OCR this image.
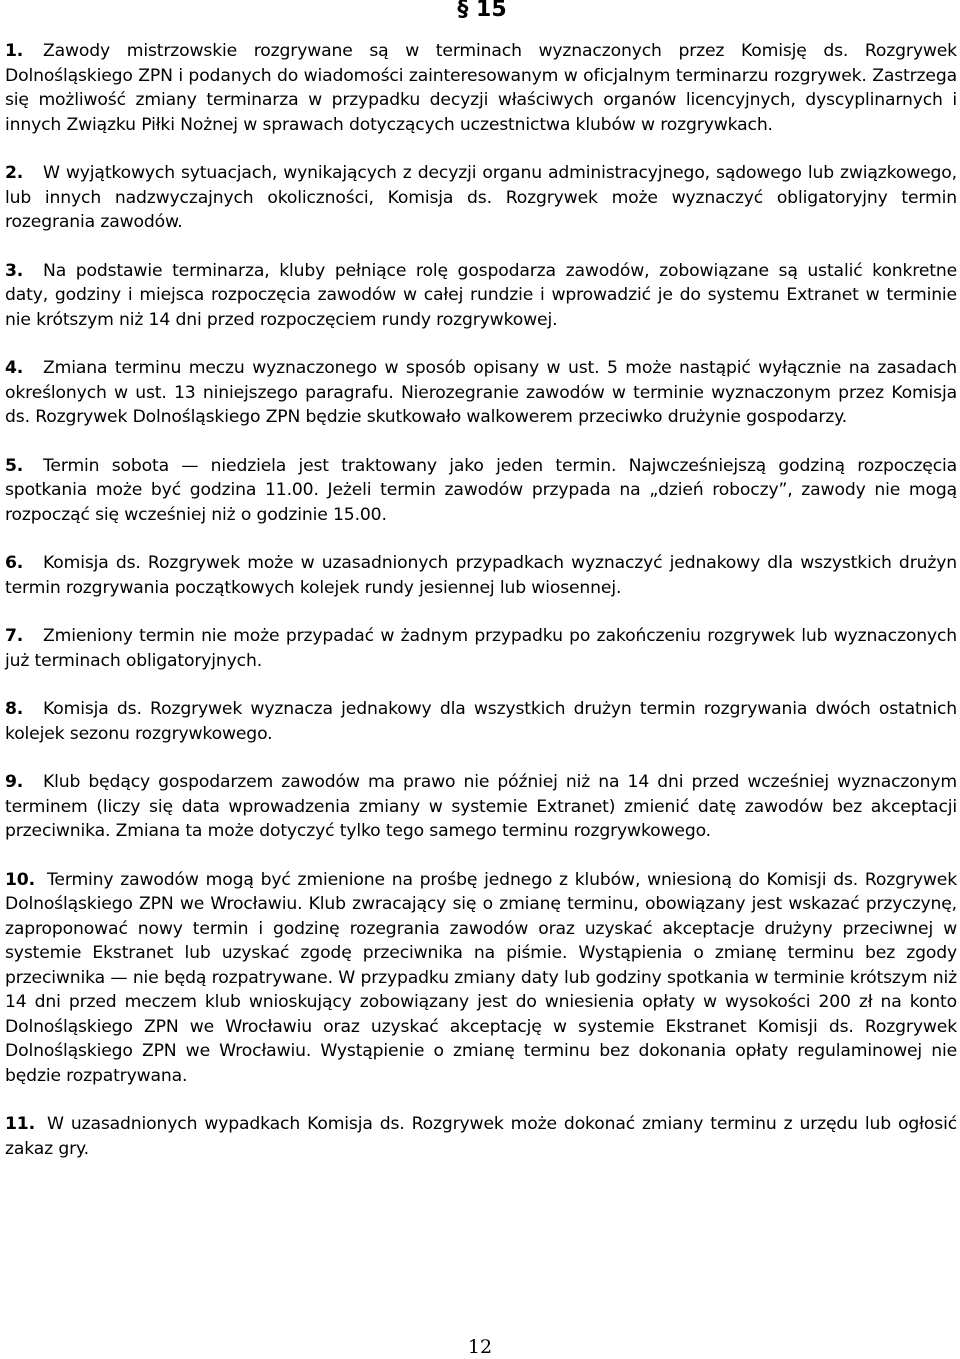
§ 15

1. Zawody mistrzowskie rozgrywane są w terminach wyznaczonych przez Komisję ds. Rozgrywek Dolnośląskiego ZPN i podanych do wiadomości zainteresowanym w oficjalnym terminarzu rozgrywek. Zastrzega się możliwość zmiany terminarza w przypadku decyzji właściwych organów licencyjnych, dyscyplinarnych i innych Związku Piłki Nożnej w sprawach dotyczących uczestnictwa klubów w rozgrywkach.

2. W wyjątkowych sytuacjach, wynikających z decyzji organu administracyjnego, sądowego lub związkowego, lub innych nadzwyczajnych okoliczności, Komisja ds. Rozgrywek może wyznaczyć obligatoryjny termin rozegrania zawodów.

3. Na podstawie terminarza, kluby pełniące rolę gospodarza zawodów, zobowiązane są ustalić konkretne daty, godziny i miejsca rozpoczęcia zawodów w całej rundzie i wprowadzić je do systemu Extranet w terminie nie krótszym niż 14 dni przed rozpoczęciem rundy rozgrywkowej.

4. Zmiana terminu meczu wyznaczonego w sposób opisany w ust. 5 może nastąpić wyłącznie na zasadach określonych w ust. 13 niniejszego paragrafu. Nierozegranie zawodów w terminie wyznaczonym przez Komisja ds. Rozgrywek Dolnośląskiego ZPN będzie skutkowało walkowerem przeciwko drużynie gospodarzy.

5. Termin sobota — niedziela jest traktowany jako jeden termin. Najwcześniejszą godziną rozpoczęcia spotkania może być godzina 11.00. Jeżeli termin zawodów przypada na „dzień roboczy”, zawody nie mogą rozpocząć się wcześniej niż o godzinie 15.00.

6. Komisja ds. Rozgrywek może w uzasadnionych przypadkach wyznaczyć jednakowy dla wszystkich drużyn termin rozgrywania początkowych kolejek rundy jesiennej lub wiosennej.

7. Zmieniony termin nie może przypadać w żadnym przypadku po zakończeniu rozgrywek lub wyznaczonych już terminach obligatoryjnych.

8. Komisja ds. Rozgrywek wyznacza jednakowy dla wszystkich drużyn termin rozgrywania dwóch ostatnich kolejek sezonu rozgrywkowego.

9. Klub będący gospodarzem zawodów ma prawo nie później niż na 14 dni przed wcześniej wyznaczonym terminem (liczy się data wprowadzenia zmiany w systemie Extranet) zmienić datę zawodów bez akceptacji przeciwnika. Zmiana ta może dotyczyć tylko tego samego terminu rozgrywkowego.

10. Terminy zawodów mogą być zmienione na prośbę jednego z klubów, wniesioną do Komisji ds. Rozgrywek Dolnośląskiego ZPN we Wrocławiu. Klub zwracający się o zmianę terminu, obowiązany jest wskazać przyczynę, zaproponować nowy termin i godzinę rozegrania zawodów oraz uzyskać akceptacje drużyny przeciwnej w systemie Ekstranet lub uzyskać zgodę przeciwnika na piśmie. Wystąpienia o zmianę terminu bez zgody przeciwnika — nie będą rozpatrywane. W przypadku zmiany daty lub godziny spotkania w terminie krótszym niż 14 dni przed meczem klub wnioskujący zobowiązany jest do wniesienia opłaty w wysokości 200 zł na konto Dolnośląskiego ZPN we Wrocławiu oraz uzyskać akceptację w systemie Ekstranet Komisji ds. Rozgrywek Dolnośląskiego ZPN we Wrocławiu. Wystąpienie o zmianę terminu bez dokonania opłaty regulaminowej nie będzie rozpatrywana.

11. W uzasadnionych wypadkach Komisja ds. Rozgrywek może dokonać zmiany terminu z urzędu lub ogłosić zakaz gry.

12
